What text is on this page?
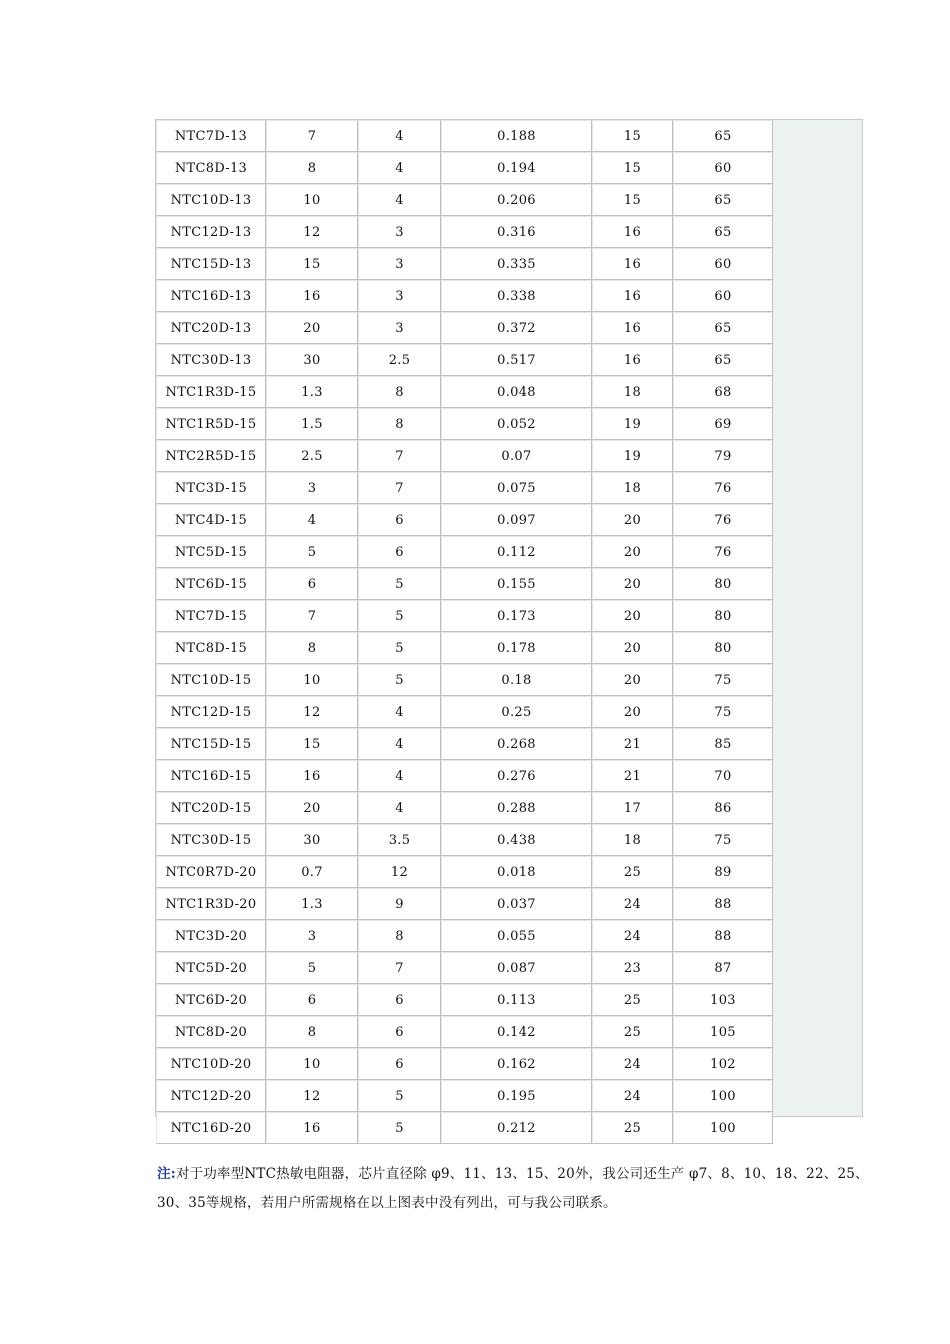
NTC7D-13	7	4	0.188	15	65
NTC8D-13	8	4	0.194	15	60
NTC10D-13	10	4	0.206	15	65
NTC12D-13	12	3	0.316	16	65
NTC15D-13	15	3	0.335	16	60
NTC16D-13	16	3	0.338	16	60
NTC20D-13	20	3	0.372	16	65
NTC30D-13	30	2.5	0.517	16	65
NTC1R3D-15	1.3	8	0.048	18	68
NTC1R5D-15	1.5	8	0.052	19	69
NTC2R5D-15	2.5	7	0.07	19	79
NTC3D-15	3	7	0.075	18	76
NTC4D-15	4	6	0.097	20	76
NTC5D-15	5	6	0.112	20	76
NTC6D-15	6	5	0.155	20	80
NTC7D-15	7	5	0.173	20	80
NTC8D-15	8	5	0.178	20	80
NTC10D-15	10	5	0.18	20	75
NTC12D-15	12	4	0.25	20	75
NTC15D-15	15	4	0.268	21	85
NTC16D-15	16	4	0.276	21	70
NTC20D-15	20	4	0.288	17	86
NTC30D-15	30	3.5	0.438	18	75
NTC0R7D-20	0.7	12	0.018	25	89
NTC1R3D-20	1.3	9	0.037	24	88
NTC3D-20	3	8	0.055	24	88
NTC5D-20	5	7	0.087	23	87
NTC6D-20	6	6	0.113	25	103
NTC8D-20	8	6	0.142	25	105
NTC10D-20	10	6	0.162	24	102
NTC12D-20	12	5	0.195	24	100
NTC16D-20	16	5	0.212	25	100
注:对于功率型NTC热敏电阻器，芯片直径除 φ9、11、13、15、20外，我公司还生产 φ7、8、10、18、22、25、30、35等规格，若用户所需规格在以上图表中没有列出，可与我公司联系。
